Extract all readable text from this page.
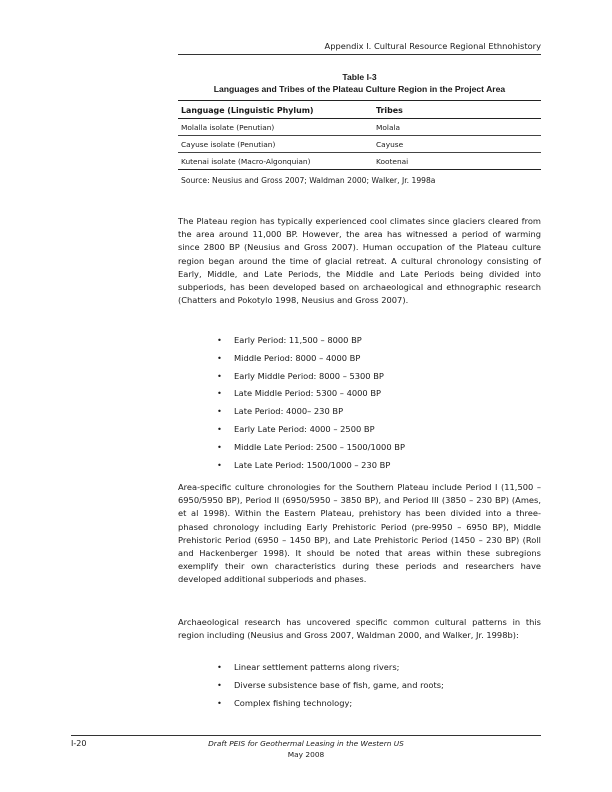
Appendix I. Cultural Resource Regional Ethnohistory
Table I-3
Languages and Tribes of the Plateau Culture Region in the Project Area
Language (Linguistic Phylum)	Tribes
Molalla isolate (Penutian)	Molala
Cayuse isolate (Penutian)	Cayuse
Kutenai isolate (Macro-Algonquian)	Kootenai
Source: Neusius and Gross 2007; Waldman 2000; Walker, Jr. 1998a

The Plateau region has typically experienced cool climates since glaciers cleared from the area around 11,000 BP. However, the area has witnessed a period of warming since 2800 BP (Neusius and Gross 2007). Human occupation of the Plateau culture region began around the time of glacial retreat. A cultural chronology consisting of Early, Middle, and Late Periods, the Middle and Late Periods being divided into subperiods, has been developed based on archaeological and ethnographic research (Chatters and Pokotylo 1998, Neusius and Gross 2007).

• Early Period: 11,500 – 8000 BP
• Middle Period: 8000 – 4000 BP
• Early Middle Period: 8000 – 5300 BP
• Late Middle Period: 5300 – 4000 BP
• Late Period: 4000– 230 BP
• Early Late Period: 4000 – 2500 BP
• Middle Late Period: 2500 – 1500/1000 BP
• Late Late Period: 1500/1000 – 230 BP

Area-specific culture chronologies for the Southern Plateau include Period I (11,500 – 6950/5950 BP), Period II (6950/5950 – 3850 BP), and Period III (3850 – 230 BP) (Ames, et al 1998). Within the Eastern Plateau, prehistory has been divided into a three-phased chronology including Early Prehistoric Period (pre-9950 – 6950 BP), Middle Prehistoric Period (6950 – 1450 BP), and Late Prehistoric Period (1450 – 230 BP) (Roll and Hackenberger 1998). It should be noted that areas within these subregions exemplify their own characteristics during these periods and researchers have developed additional subperiods and phases.

Archaeological research has uncovered specific common cultural patterns in this region including (Neusius and Gross 2007, Waldman 2000, and Walker, Jr. 1998b):

• Linear settlement patterns along rivers;
• Diverse subsistence base of fish, game, and roots;
• Complex fishing technology;
I-20	Draft PEIS for Geothermal Leasing in the Western US
May 2008
